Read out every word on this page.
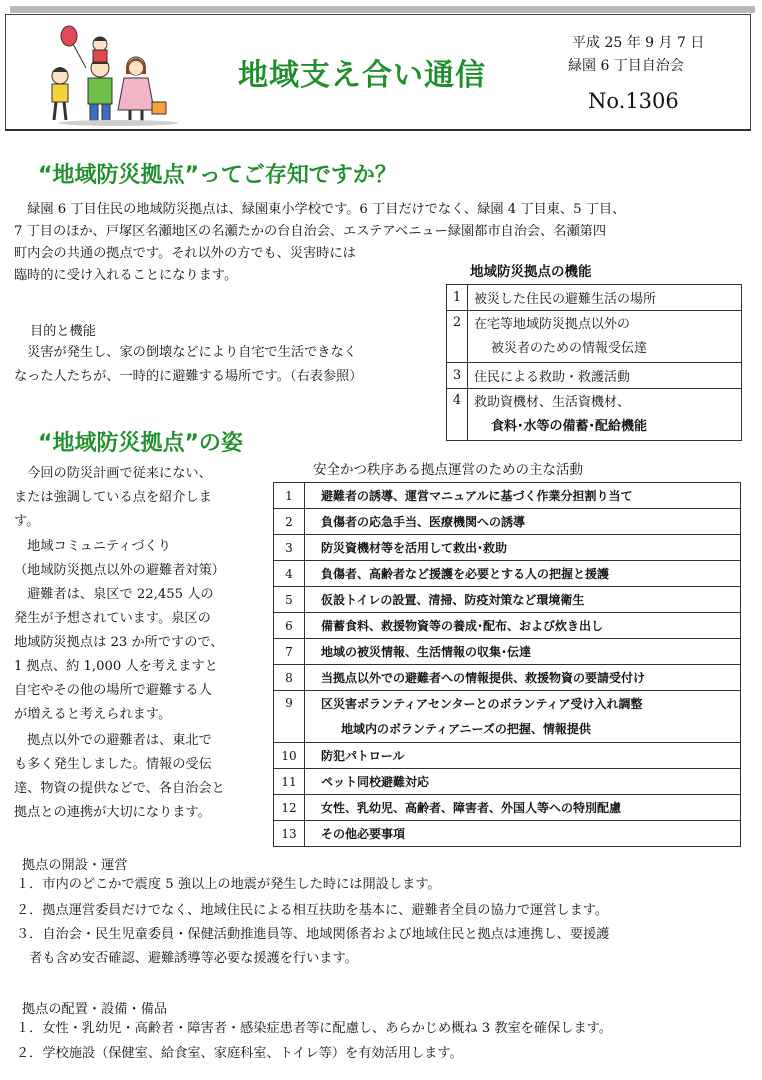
地域支え合い通信
平成 25 年 9 月 7 日
緑園 6 丁目自治会
No.1306
“地域防災拠点”ってご存知ですか？
　緑園 6 丁目住民の地域防災拠点は、緑園東小学校です。6 丁目だけでなく、緑園 4 丁目東、5 丁目、
7 丁目のほか、戸塚区名瀬地区の名瀬たかの台自治会、エステアベニュー緑園都市自治会、名瀬第四
町内会の共通の拠点です。それ以外の方でも、災害時には
臨時的に受け入れることになります。
目的と機能
　災害が発生し、家の倒壊などにより自宅で生活できなく
なった人たちが、一時的に避難する場所です。（右表参照）
地域防災拠点の機能
1	被災した住民の避難生活の場所
2	在宅等地域防災拠点以外の
被災者のための情報受伝達

3	住民による救助・救護活動
4	救助資機材、生活資機材、
食料･水等の備蓄･配給機能
“地域防災拠点”の姿
　今回の防災計画で従来にない、
または強調している点を紹介しま
す。
　地域コミュニティづくり
（地域防災拠点以外の避難者対策）
　避難者は、泉区で 22,455 人の
発生が予想されています。泉区の
地域防災拠点は 23 か所ですので、
1 拠点、約 1,000 人を考えますと
自宅やその他の場所で避難する人
が増えると考えられます。
　拠点以外での避難者は、東北で
も多く発生しました。情報の受伝
達、物資の提供などで、各自治会と
拠点との連携が大切になります。
安全かつ秩序ある拠点運営のための主な活動
1	避難者の誘導、運営マニュアルに基づく作業分担割り当て
2	負傷者の応急手当、医療機関への誘導
3	防災資機材等を活用して救出･救助
4	負傷者、高齢者など援護を必要とする人の把握と援護
5	仮設トイレの設置、清掃、防疫対策など環境衛生
6	備蓄食料、救援物資等の養成･配布、および炊き出し
7	地域の被災情報、生活情報の収集･伝達
8	当拠点以外での避難者への情報提供、救援物資の要請受付け
9	区災害ボランティアセンターとのボランティア受け入れ調整
地域内のボランティアニーズの把握、情報提供

10	防犯パトロール
11	ペット同校避難対応
12	女性、乳幼児、高齢者、障害者、外国人等への特別配慮
13	その他必要事項
拠点の開設・運営
１．市内のどこかで震度 5 強以上の地震が発生した時には開設します。
２．拠点運営委員だけでなく、地域住民による相互扶助を基本に、避難者全員の協力で運営します。
３．自治会・民生児童委員・保健活動推進員等、地域関係者および地域住民と拠点は連携し、要援護
　者も含め安否確認、避難誘導等必要な援護を行います。
拠点の配置・設備・備品
１．女性・乳幼児・高齢者・障害者・感染症患者等に配慮し、あらかじめ概ね 3 教室を確保します。
２．学校施設（保健室、給食室、家庭科室、トイレ等）を有効活用します。
